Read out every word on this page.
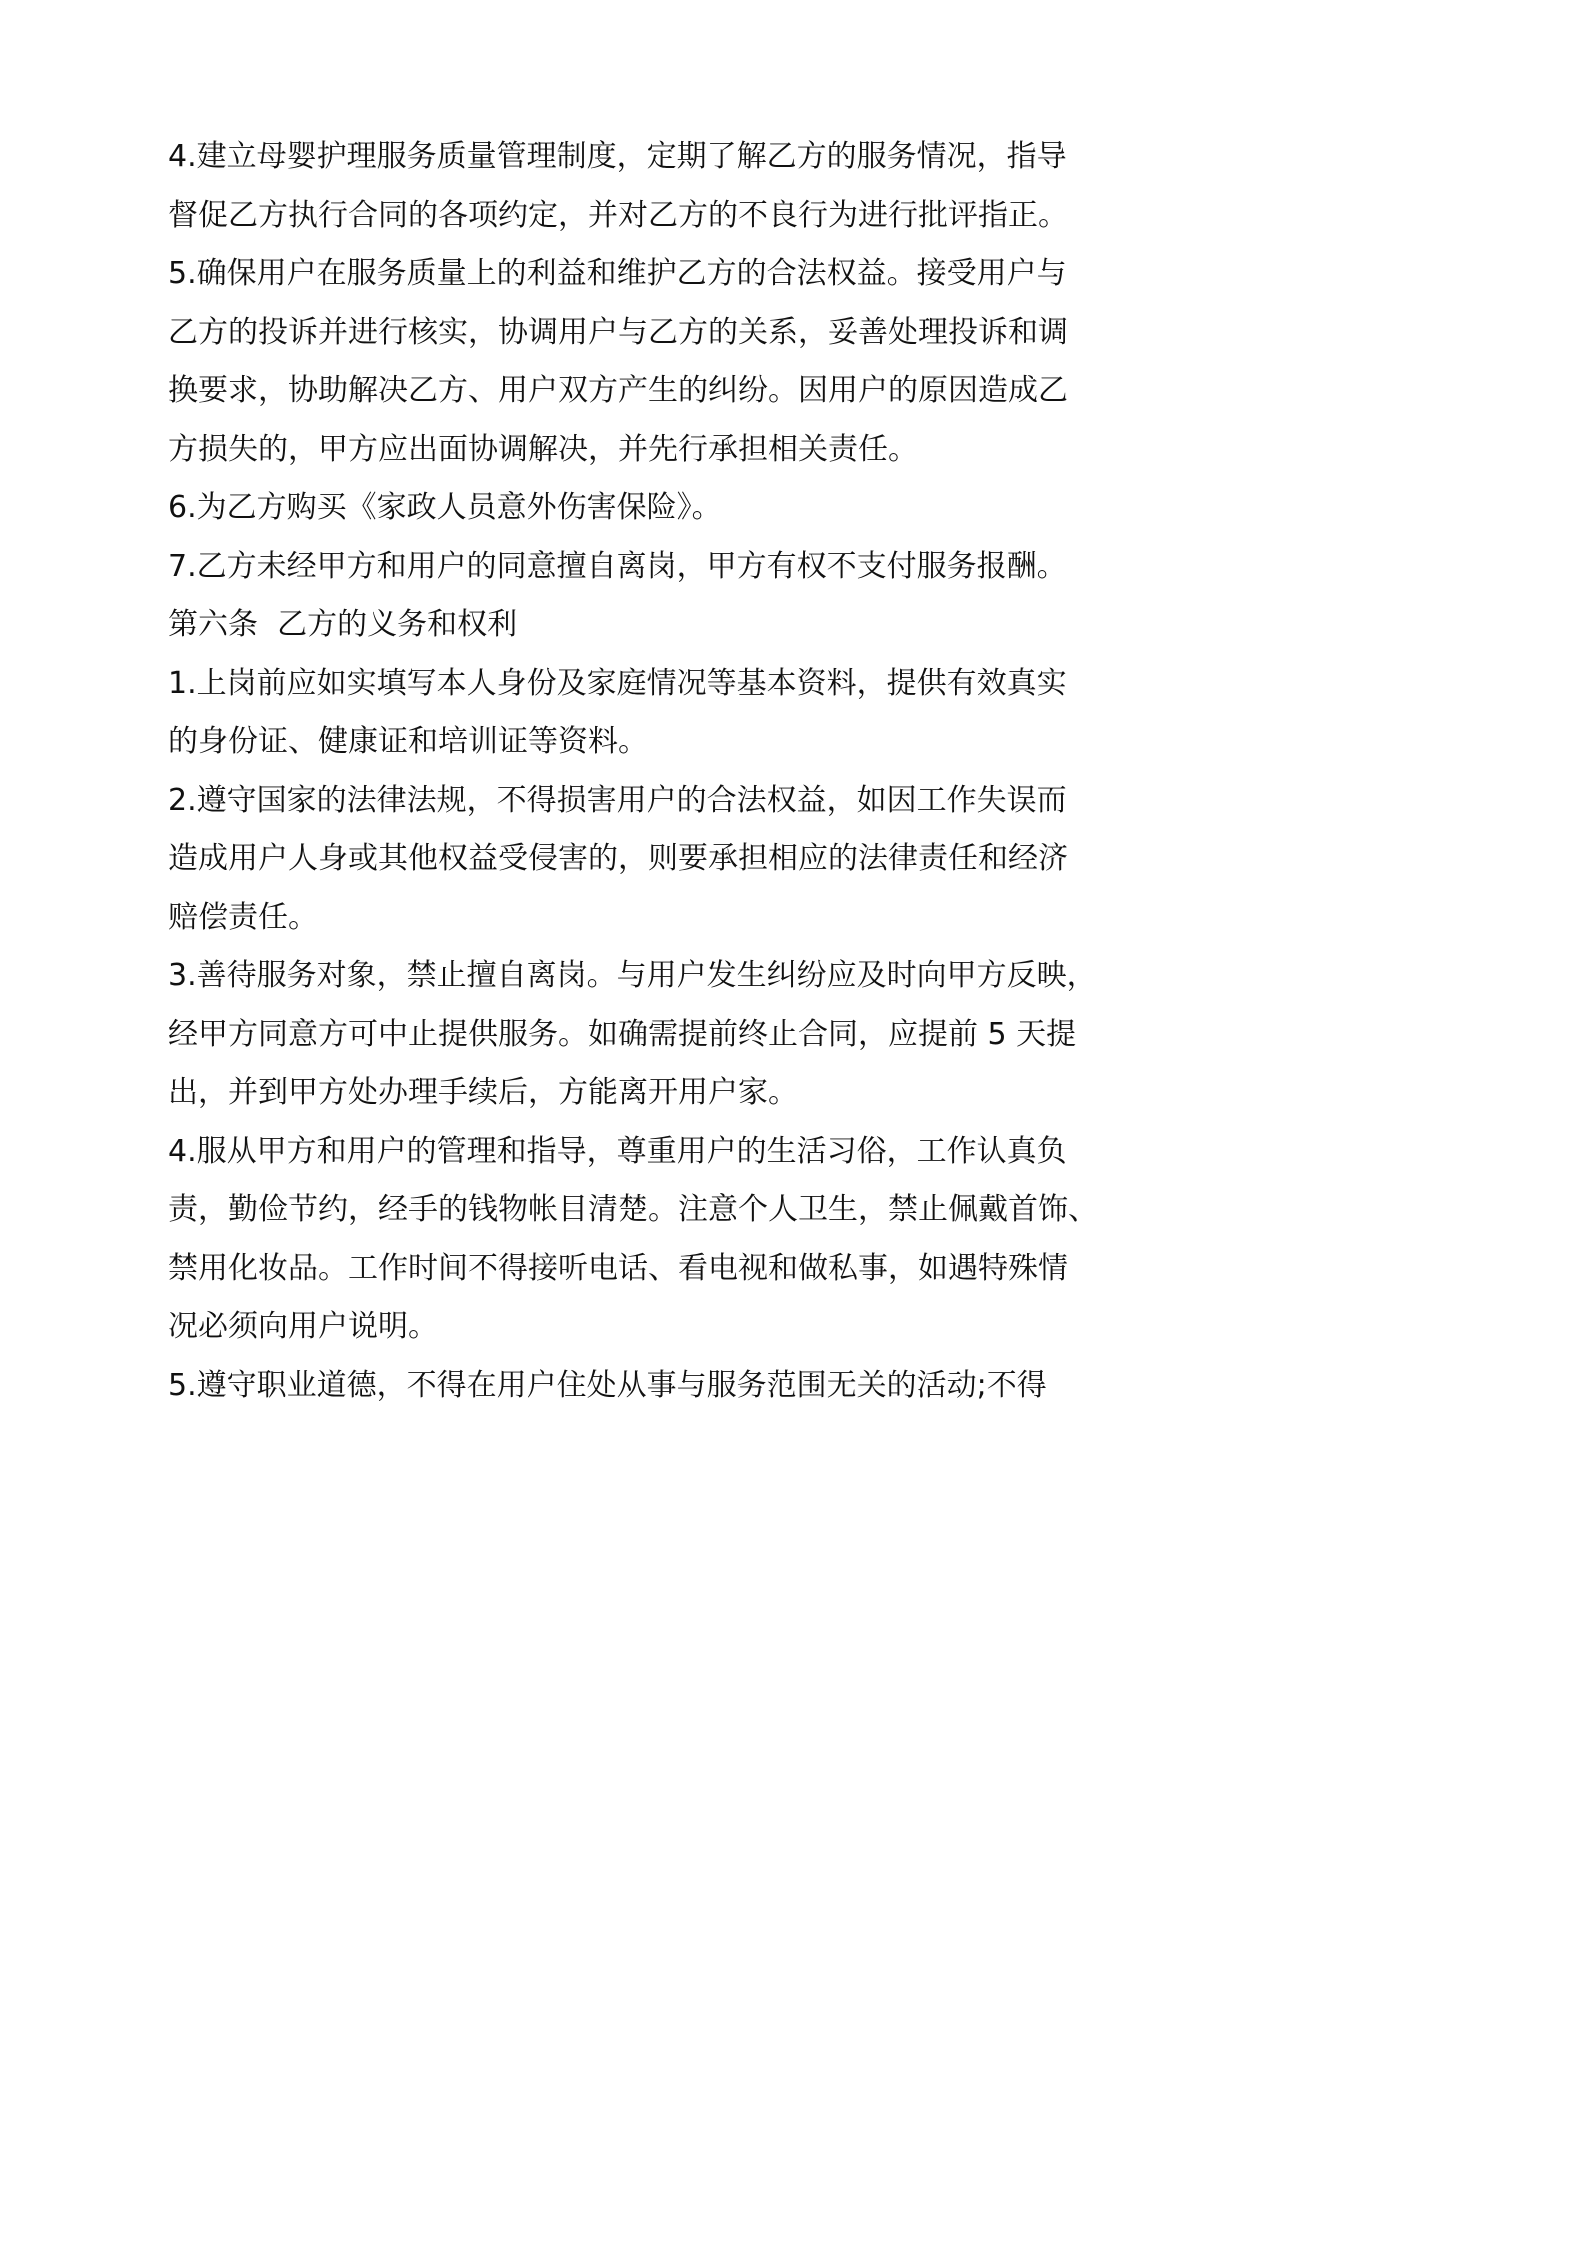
4.建立母婴护理服务质量管理制度，定期了解乙方的服务情况，指导
督促乙方执行合同的各项约定，并对乙方的不良行为进行批评指正。
5.确保用户在服务质量上的利益和维护乙方的合法权益。接受用户与
乙方的投诉并进行核实，协调用户与乙方的关系，妥善处理投诉和调
换要求，协助解决乙方、用户双方产生的纠纷。因用户的原因造成乙
方损失的，甲方应出面协调解决，并先行承担相关责任。
6.为乙方购买《家政人员意外伤害保险》。
7.乙方未经甲方和用户的同意擅自离岗，甲方有权不支付服务报酬。
第六条  乙方的义务和权利
1.上岗前应如实填写本人身份及家庭情况等基本资料，提供有效真实
的身份证、健康证和培训证等资料。
2.遵守国家的法律法规，不得损害用户的合法权益，如因工作失误而
造成用户人身或其他权益受侵害的，则要承担相应的法律责任和经济
赔偿责任。
3.善待服务对象，禁止擅自离岗。与用户发生纠纷应及时向甲方反映，
经甲方同意方可中止提供服务。如确需提前终止合同，应提前 5 天提
出，并到甲方处办理手续后，方能离开用户家。
4.服从甲方和用户的管理和指导，尊重用户的生活习俗，工作认真负
责，勤俭节约，经手的钱物帐目清楚。注意个人卫生，禁止佩戴首饰、
禁用化妆品。工作时间不得接听电话、看电视和做私事，如遇特殊情
况必须向用户说明。
5.遵守职业道德，不得在用户住处从事与服务范围无关的活动;不得
